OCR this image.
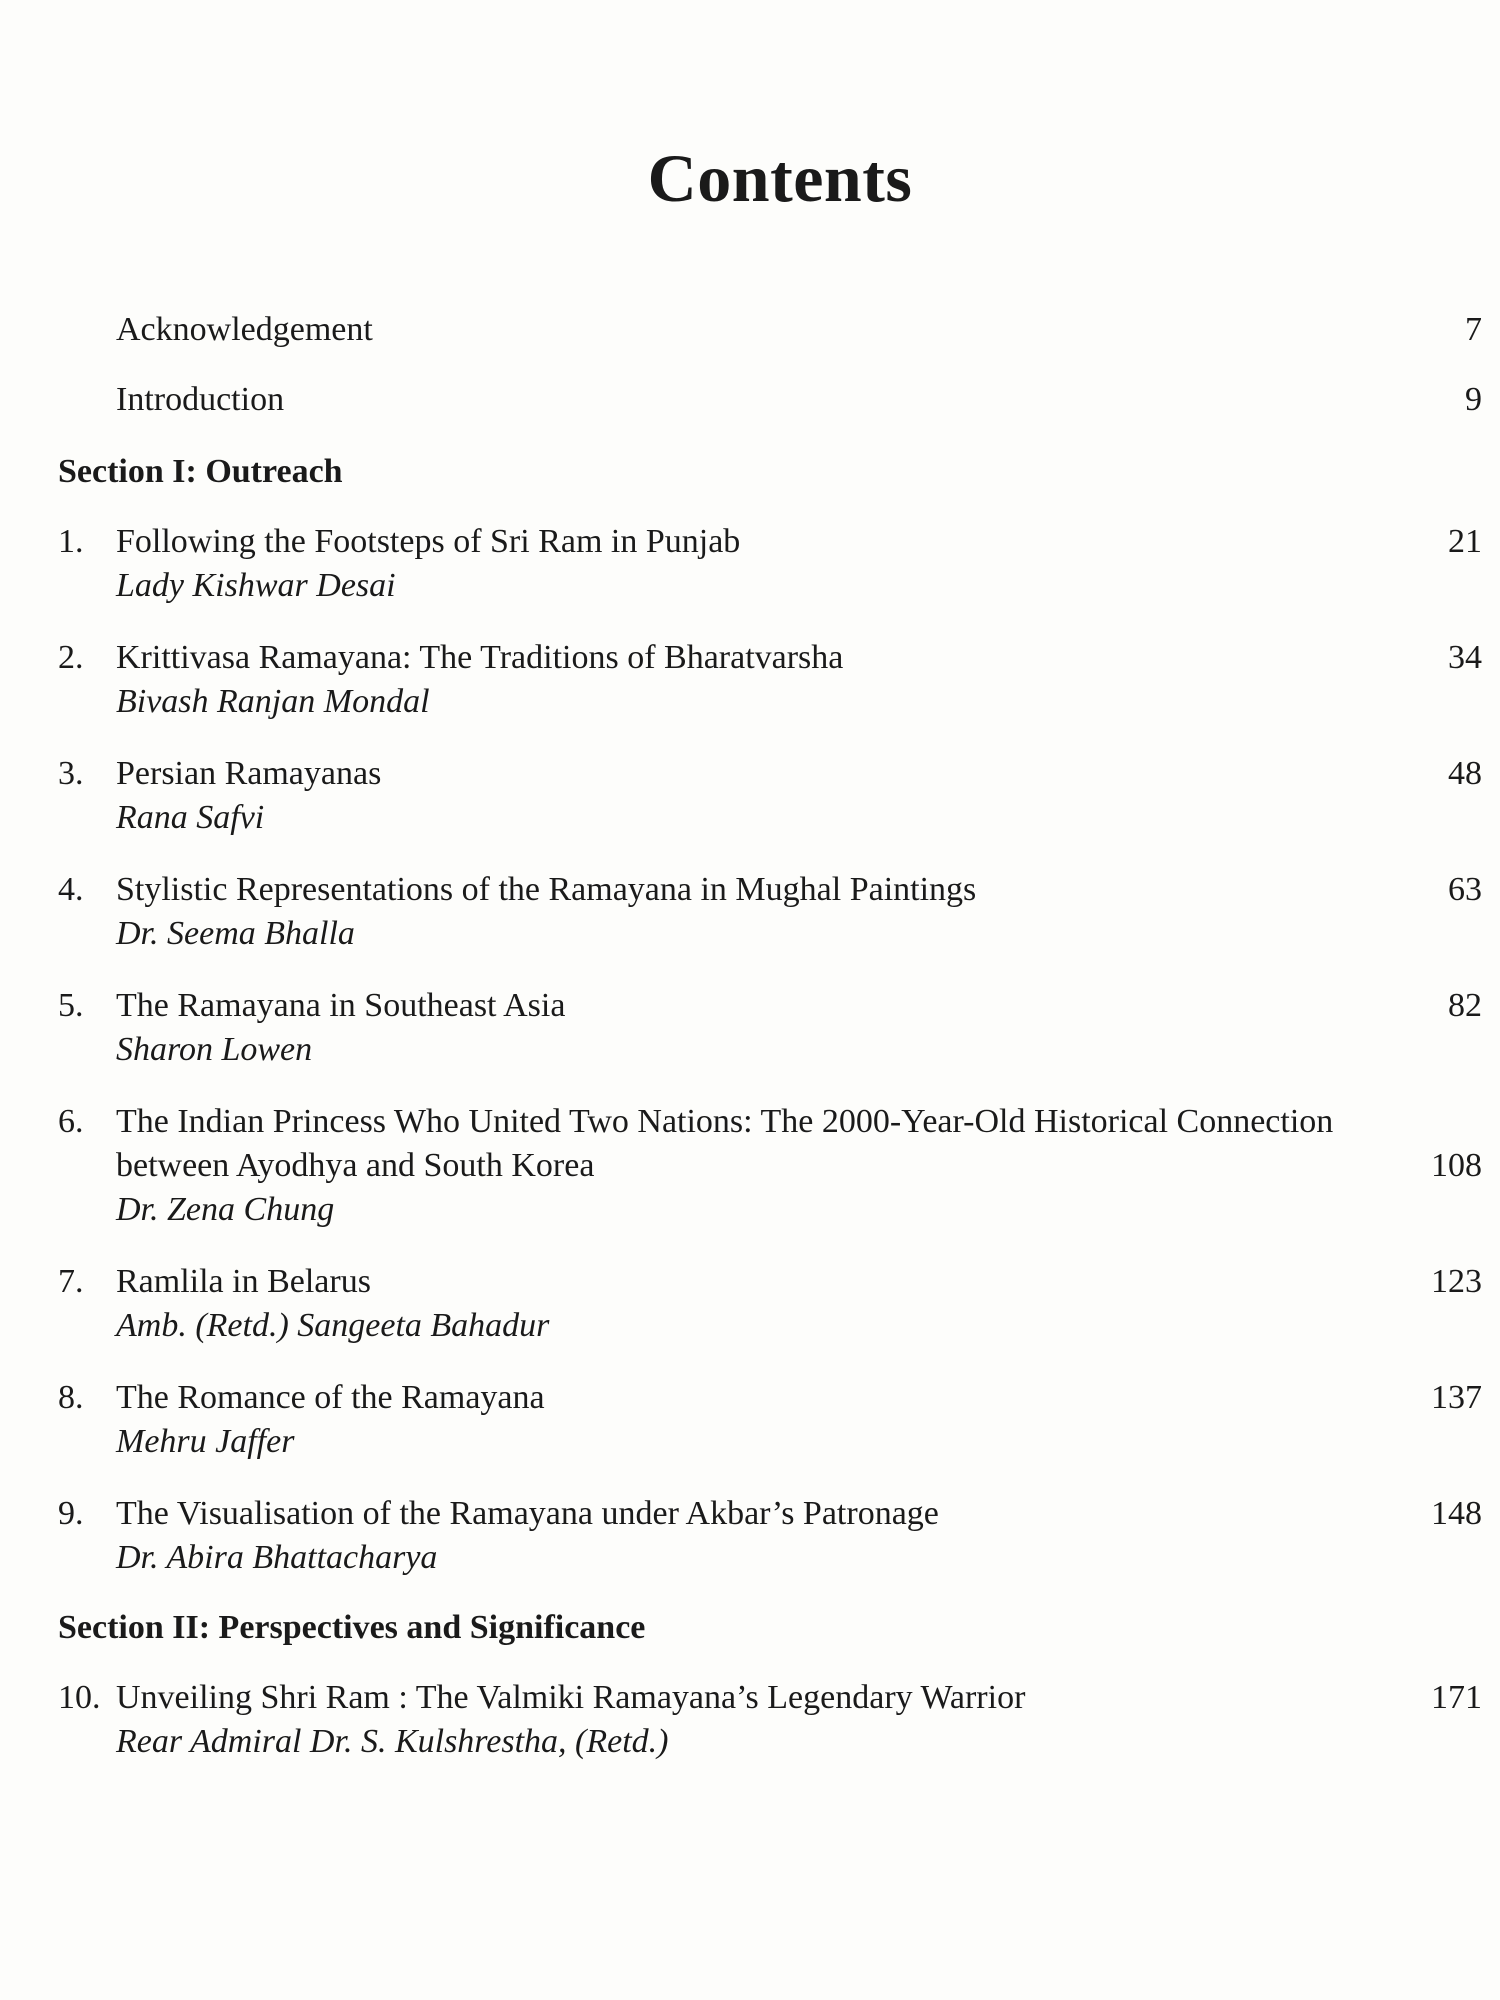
Contents
Acknowledgement	7
Introduction	9
Section I: Outreach
1. Following the Footsteps of Sri Ram in Punjab	21
Lady Kishwar Desai
2. Krittivasa Ramayana: The Traditions of Bharatvarsha	34
Bivash Ranjan Mondal
3. Persian Ramayanas	48
Rana Safvi
4. Stylistic Representations of the Ramayana in Mughal Paintings	63
Dr. Seema Bhalla
5. The Ramayana in Southeast Asia	82
Sharon Lowen
6. The Indian Princess Who United Two Nations: The 2000-Year-Old Historical Connection
between Ayodhya and South Korea	108
Dr. Zena Chung
7. Ramlila in Belarus	123
Amb. (Retd.) Sangeeta Bahadur
8. The Romance of the Ramayana	137
Mehru Jaffer
9. The Visualisation of the Ramayana under Akbar’s Patronage	148
Dr. Abira Bhattacharya
Section II: Perspectives and Significance
10. Unveiling Shri Ram : The Valmiki Ramayana’s Legendary Warrior	171
Rear Admiral Dr. S. Kulshrestha, (Retd.)
